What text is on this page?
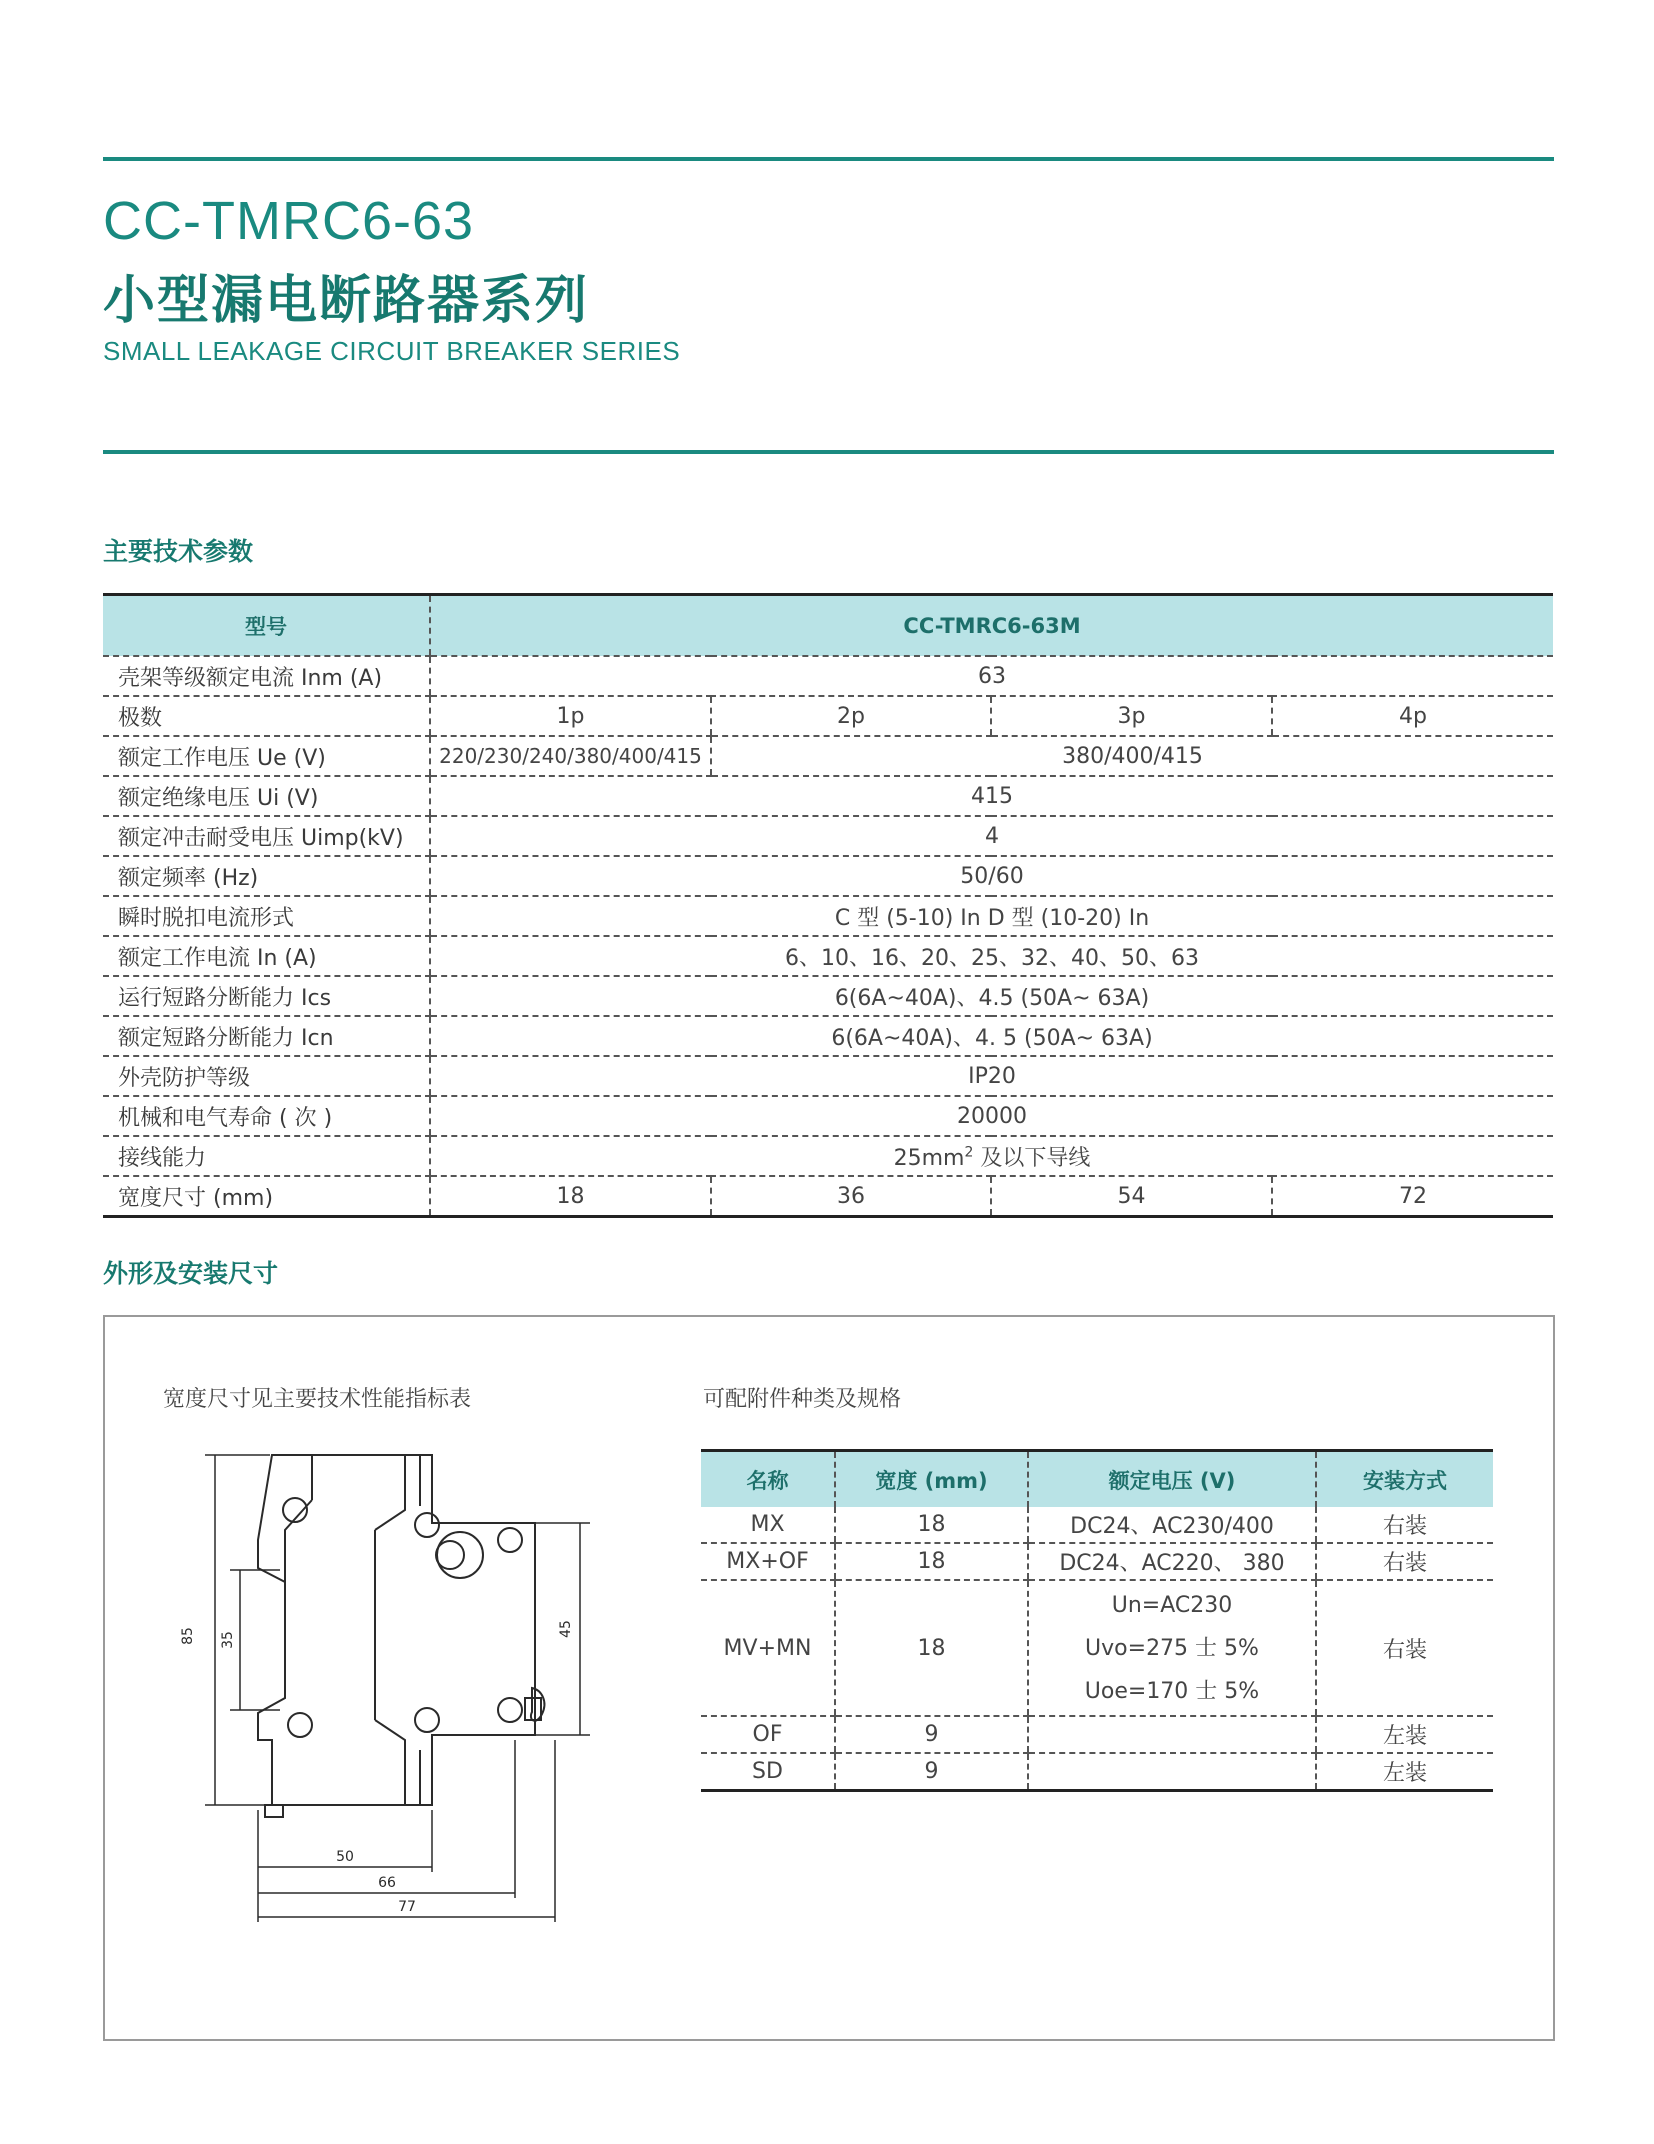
CC-TMRC6-63
小型漏电断路器系列
SMALL LEAKAGE CIRCUIT BREAKER SERIES
主要技术参数
型号	CC-TMRC6-63M			
壳架等级额定电流 Inm (A)	63			
极数	1p	2p	3p	4p
额定工作电压 Ue (V)	220/230/240/380/400/415	380/400/415		
额定绝缘电压 Ui (V)	415			
额定冲击耐受电压 Uimp(kV)	4			
额定频率 (Hz)	50/60			
瞬时脱扣电流形式	C 型 (5-10) In D 型 (10-20) In			
额定工作电流 In (A)	6、10、16、20、25、32、40、50、63			
运行短路分断能力 Ics	6(6A~40A)、4.5 (50A~ 63A)			
额定短路分断能力 Icn	6(6A~40A)、4. 5 (50A~ 63A)			
外壳防护等级	IP20			
机械和电气寿命 ( 次 )	20000			
接线能力	$25mm^2$ 及以下导线			
宽度尺寸 (mm)	18	36	54	72
外形及安装尺寸
宽度尺寸见主要技术性能指标表	可配附件种类及规格
85 35
45
50
66
77
名称	宽度 (mm)	额定电压 (V)	安装方式
MX	18	DC24、AC230/400	右装
MX+OF	18	DC24、AC220、 380	右装
MV+MN	18	Un=AC230
Uvo=275 士 5%
Uoe=170 士 5%	右装
OF	9		左装
SD	9		左装
